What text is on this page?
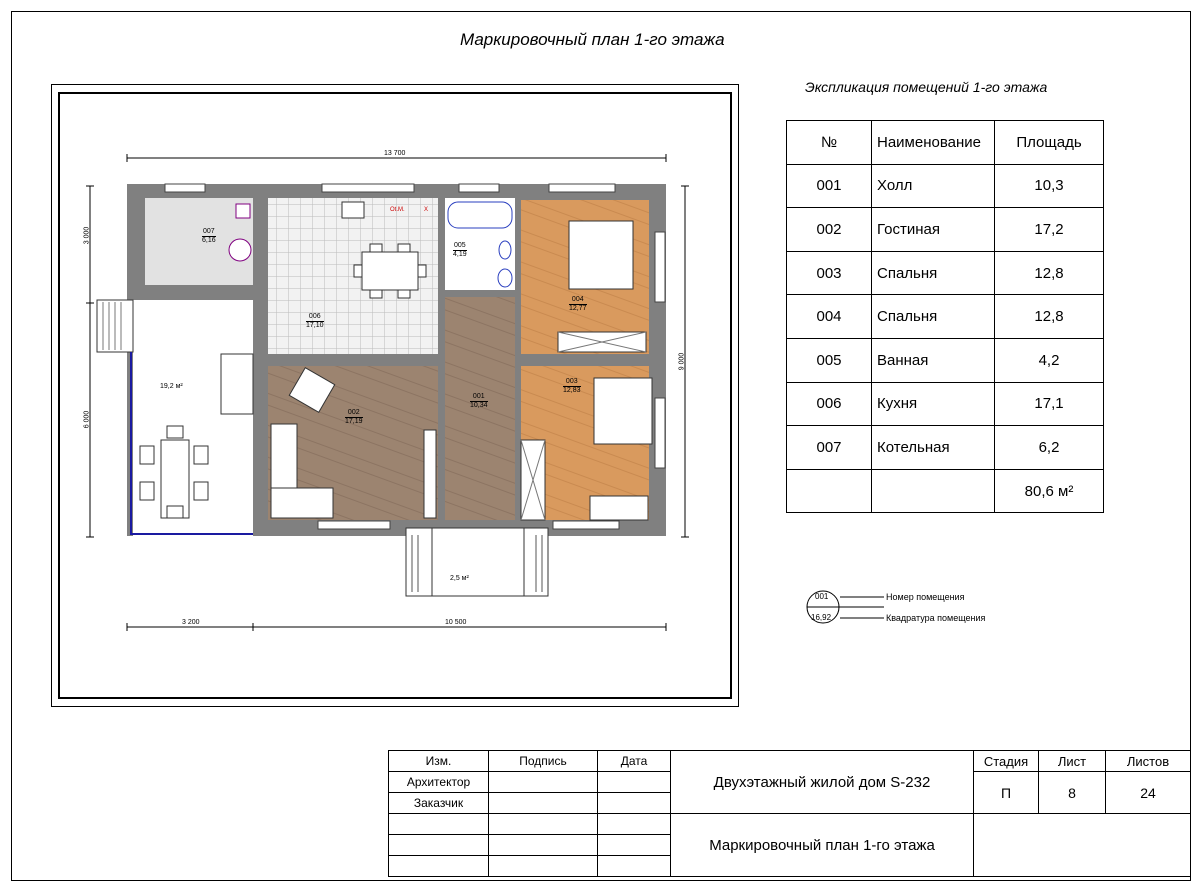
Маркировочный план 1-го этажа
13 700
3 000
6 000
9 000
3 200	10 500
007
6,16
006
17,10
005
4,19
004
12,77
002
17,19
001
10,34
003
12,83
19,2 м²
2,5 м²
Ot.M.	X
Экспликация помещений 1-го этажа
№	Наименование	Площадь
001	Холл	10,3
002	Гостиная	17,2
003	Спальня	12,8
004	Спальня	12,8
005	Ванная	4,2
006	Кухня	17,1
007	Котельная	6,2
		80,6 м²
001
16,92
Номер помещения
Квадратура помещения
Изм.	Подпись	Дата	Двухэтажный жилой дом S-232	Стадия	Лист	Листов
Архитектор				П	8	24
Заказчик						
			Маркировочный план 1-го этажа			
